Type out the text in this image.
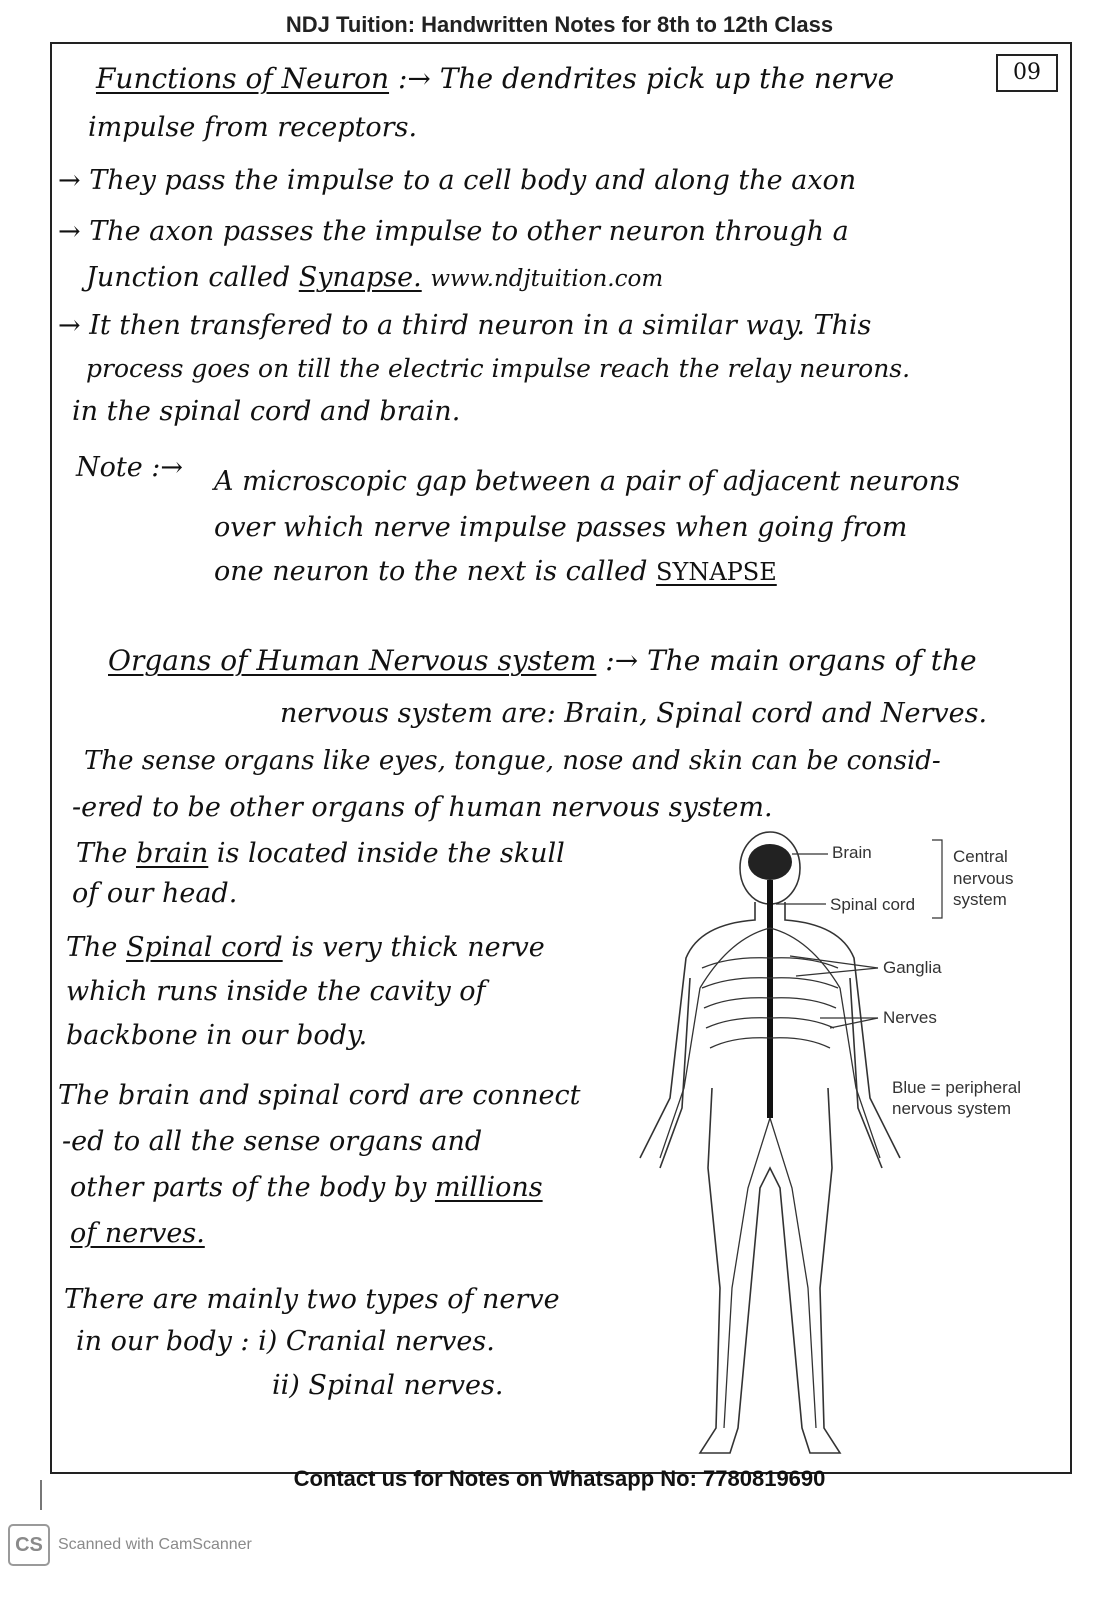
NDJ Tuition: Handwritten Notes for 8th to 12th Class
09
Functions of Neuron :→ The dendrites pick up the nerve
impulse from receptors.
→ They pass the impulse to a cell body and along the axon
→ The axon passes the impulse to other neuron through a
Junction called Synapse. www.ndjtuition.com
→ It then transfered to a third neuron in a similar way. This
process goes on till the electric impulse reach the relay neurons.
in the spinal cord and brain.
Note :→ A microscopic gap between a pair of adjacent neurons
over which nerve impulse passes when going from
one neuron to the next is called SYNAPSE
Organs of Human Nervous system :→ The main organs of the
nervous system are: Brain, Spinal cord and Nerves.
The sense organs like eyes, tongue, nose and skin can be consid-
-ered to be other organs of human nervous system.
The brain is located inside the skull
of our head.
The Spinal cord is very thick nerve
which runs inside the cavity of
backbone in our body.
The brain and spinal cord are connect
-ed to all the sense organs and
other parts of the body by millions
of nerves.
There are mainly two types of nerve
in our body : i) Cranial nerves.
ii) Spinal nerves.
Brain
Spinal cord
Central
nervous
system
Ganglia
Nerves
Blue = peripheral
nervous system
Contact us for Notes on Whatsapp No: 7780819690
CS Scanned with CamScanner
